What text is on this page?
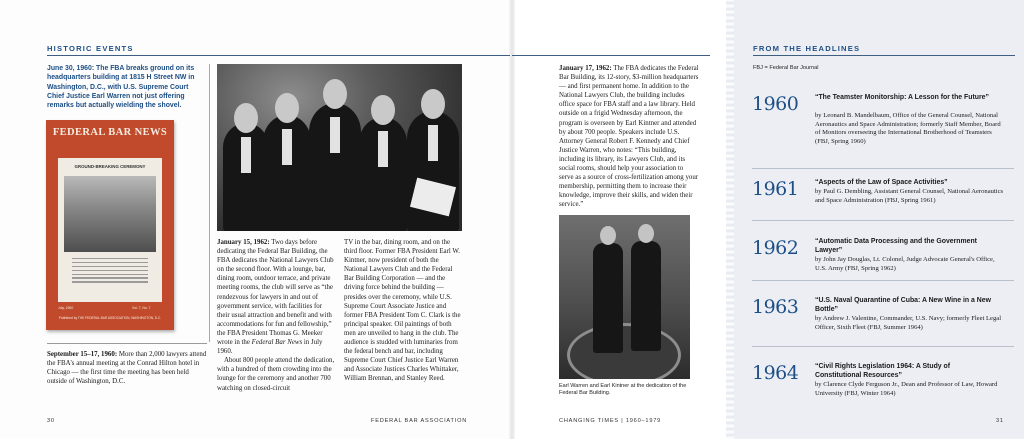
HISTORIC EVENTS
June 30, 1960: The FBA breaks ground on its headquarters building at 1815 H Street NW in Washington, D.C., with U.S. Supreme Court Chief Justice Earl Warren not just offering remarks but actually wielding the shovel.
FEDERAL BAR NEWS
GROUND-BREAKING CEREMONY
July, 1960	Vol. 7, No. 7
Published by THE FEDERAL BAR ASSOCIATION, WASHINGTON, D.C.

September 15–17, 1960: More than 2,000 lawyers attend the FBA's annual meeting at the Conrad Hilton hotel in Chicago — the first time the meeting has been held outside of Washington, D.C.

January 15, 1962: Two days before dedicating the Federal Bar Building, the FBA dedicates the National Lawyers Club on the second floor. With a lounge, bar, dining room, outdoor terrace, and private meeting rooms, the club will serve as “the rendezvous for lawyers in and out of government service, with facilities for their usual attraction and benefit and with accommodations for fun and fellowship,” the FBA President Thomas G. Meeker wrote in the Federal Bar News in July 1960.

About 800 people attend the dedication, with a hundred of them crowding into the lounge for the ceremony and another 700 watching on closed-circuit

TV in the bar, dining room, and on the third floor. Former FBA President Earl W. Kintner, now president of both the National Lawyers Club and the Federal Bar Building Corporation — and the driving force behind the building — presides over the ceremony, while U.S. Supreme Court Associate Justice and former FBA President Tom C. Clark is the principal speaker. Oil paintings of both men are unveiled to hang in the club. The audience is studded with luminaries from the federal bench and bar, including Supreme Court Chief Justice Earl Warren and Associate Justices Charles Whittaker, William Brennan, and Stanley Reed.

30	FEDERAL BAR ASSOCIATION

January 17, 1962: The FBA dedicates the Federal Bar Building, its 12-story, $3-million headquarters — and first permanent home. In addition to the National Lawyers Club, the building includes office space for FBA staff and a law library. Held outside on a frigid Wednesday afternoon, the program is overseen by Earl Kintner and attended by about 700 people. Speakers include U.S. Attorney General Robert F. Kennedy and Chief Justice Warren, who notes: “This building, including its library, its Lawyers Club, and its social rooms, should help your association to serve as a source of cross-fertilization among your membership, permitting them to increase their knowledge, improve their skills, and widen their service.”

Earl Warren and Earl Kintner at the dedication of the Federal Bar Building.
CHANGING TIMES | 1960–1979
FROM THE HEADLINES
FBJ = Federal Bar Journal
1960 “The Teamster Monitorship: A Lesson for the Future”
by Leonard B. Mandelbaum, Office of the General Counsel, National Aeronautics and Space Administration; formerly Staff Member, Board of Monitors overseeing the International Brotherhood of Teamsters (FBJ, Spring 1960)
1961 “Aspects of the Law of Space Activities”
by Paul G. Dembling, Assistant General Counsel, National Aeronautics and Space Administration (FBJ, Spring 1961)
1962 “Automatic Data Processing and the Government Lawyer”
by John Jay Douglas, Lt. Colonel, Judge Advocate General's Office, U.S. Army (FBJ, Spring 1962)
1963 “U.S. Naval Quarantine of Cuba: A New Wine in a New Bottle”
by Andrew J. Valentine, Commander, U.S. Navy; formerly Fleet Legal Officer, Sixth Fleet (FBJ, Summer 1964)
1964 “Civil Rights Legislation 1964: A Study of Constitutional Resources”
by Clarence Clyde Ferguson Jr., Dean and Professor of Law, Howard University (FBJ, Winter 1964)
31
